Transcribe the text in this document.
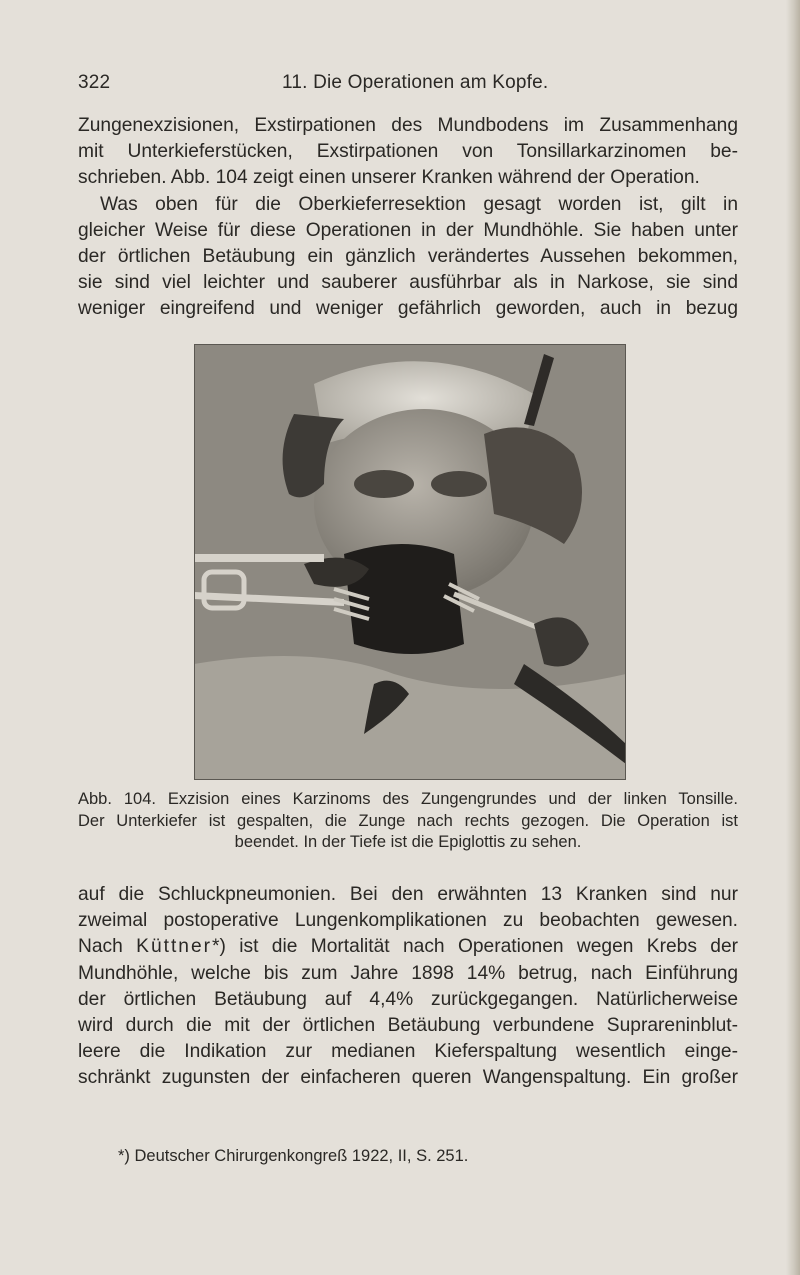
322	11. Die Operationen am Kopfe.
Zungenexzisionen, Exstirpationen des Mundbodens im Zusammenhang
mit Unterkieferstücken, Exstirpationen von Tonsillarkarzinomen be-
schrieben. Abb. 104 zeigt einen unserer Kranken während der Operation.
Was oben für die Oberkieferresektion gesagt worden ist, gilt in
gleicher Weise für diese Operationen in der Mundhöhle. Sie haben unter
der örtlichen Betäubung ein gänzlich verändertes Aussehen bekommen,
sie sind viel leichter und sauberer ausführbar als in Narkose, sie sind
weniger eingreifend und weniger gefährlich geworden, auch in bezug
Abb. 104. Exzision eines Karzinoms des Zungengrundes und der linken Tonsille.
Der Unterkiefer ist gespalten, die Zunge nach rechts gezogen. Die Operation ist
beendet. In der Tiefe ist die Epiglottis zu sehen.
auf die Schluckpneumonien. Bei den erwähnten 13 Kranken sind nur
zweimal postoperative Lungenkomplikationen zu beobachten gewesen.
Nach Küttner*) ist die Mortalität nach Operationen wegen Krebs der
Mundhöhle, welche bis zum Jahre 1898 14% betrug, nach Einführung
der örtlichen Betäubung auf 4,4% zurückgegangen. Natürlicherweise
wird durch die mit der örtlichen Betäubung verbundene Suprareninblut-
leere die Indikation zur medianen Kieferspaltung wesentlich einge-
schränkt zugunsten der einfacheren queren Wangenspaltung. Ein großer
*) Deutscher Chirurgenkongreß 1922, II, S. 251.
